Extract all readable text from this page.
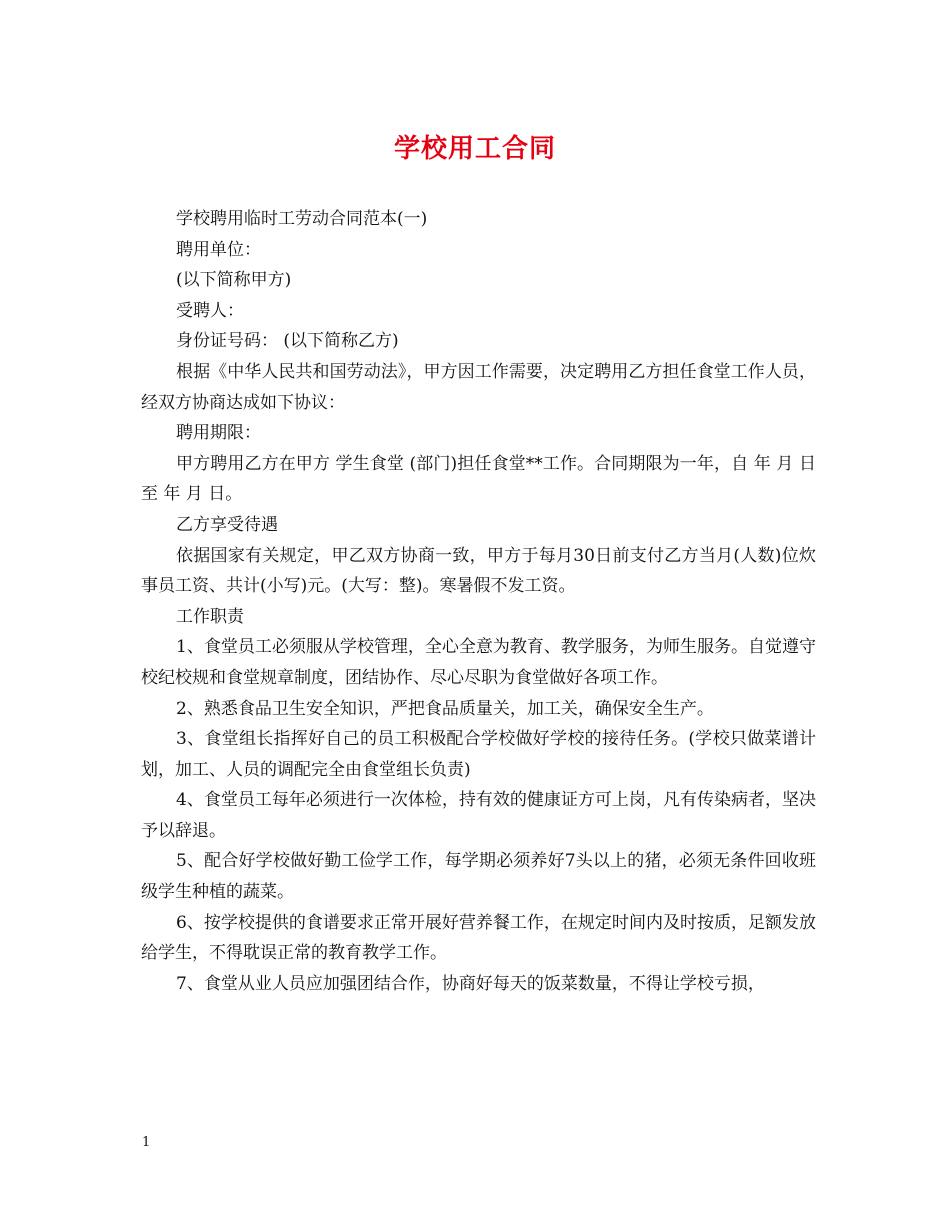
学校用工合同

学校聘用临时工劳动合同范本(一)

聘用单位：

(以下简称甲方)

受聘人：

身份证号码： (以下简称乙方)

根据《中华人民共和国劳动法》，甲方因工作需要，决定聘用乙方担任食堂工作人员，经双方协商达成如下协议：

聘用期限：

甲方聘用乙方在甲方 学生食堂 (部门)担任食堂**工作。合同期限为一年，自 年 月 日至 年 月 日。

乙方享受待遇

依据国家有关规定，甲乙双方协商一致，甲方于每月30日前支付乙方当月(人数)位炊事员工资、共计(小写)元。(大写：整)。寒暑假不发工资。

工作职责

1、食堂员工必须服从学校管理，全心全意为教育、教学服务，为师生服务。自觉遵守校纪校规和食堂规章制度，团结协作、尽心尽职为食堂做好各项工作。

2、熟悉食品卫生安全知识，严把食品质量关，加工关，确保安全生产。

3、食堂组长指挥好自己的员工积极配合学校做好学校的接待任务。(学校只做菜谱计划，加工、人员的调配完全由食堂组长负责)

4、食堂员工每年必须进行一次体检，持有效的健康证方可上岗，凡有传染病者，坚决予以辞退。

5、配合好学校做好勤工俭学工作，每学期必须养好7头以上的猪，必须无条件回收班级学生种植的蔬菜。

6、按学校提供的食谱要求正常开展好营养餐工作，在规定时间内及时按质，足额发放给学生，不得耽误正常的教育教学工作。

7、食堂从业人员应加强团结合作，协商好每天的饭菜数量，不得让学校亏损，

1
